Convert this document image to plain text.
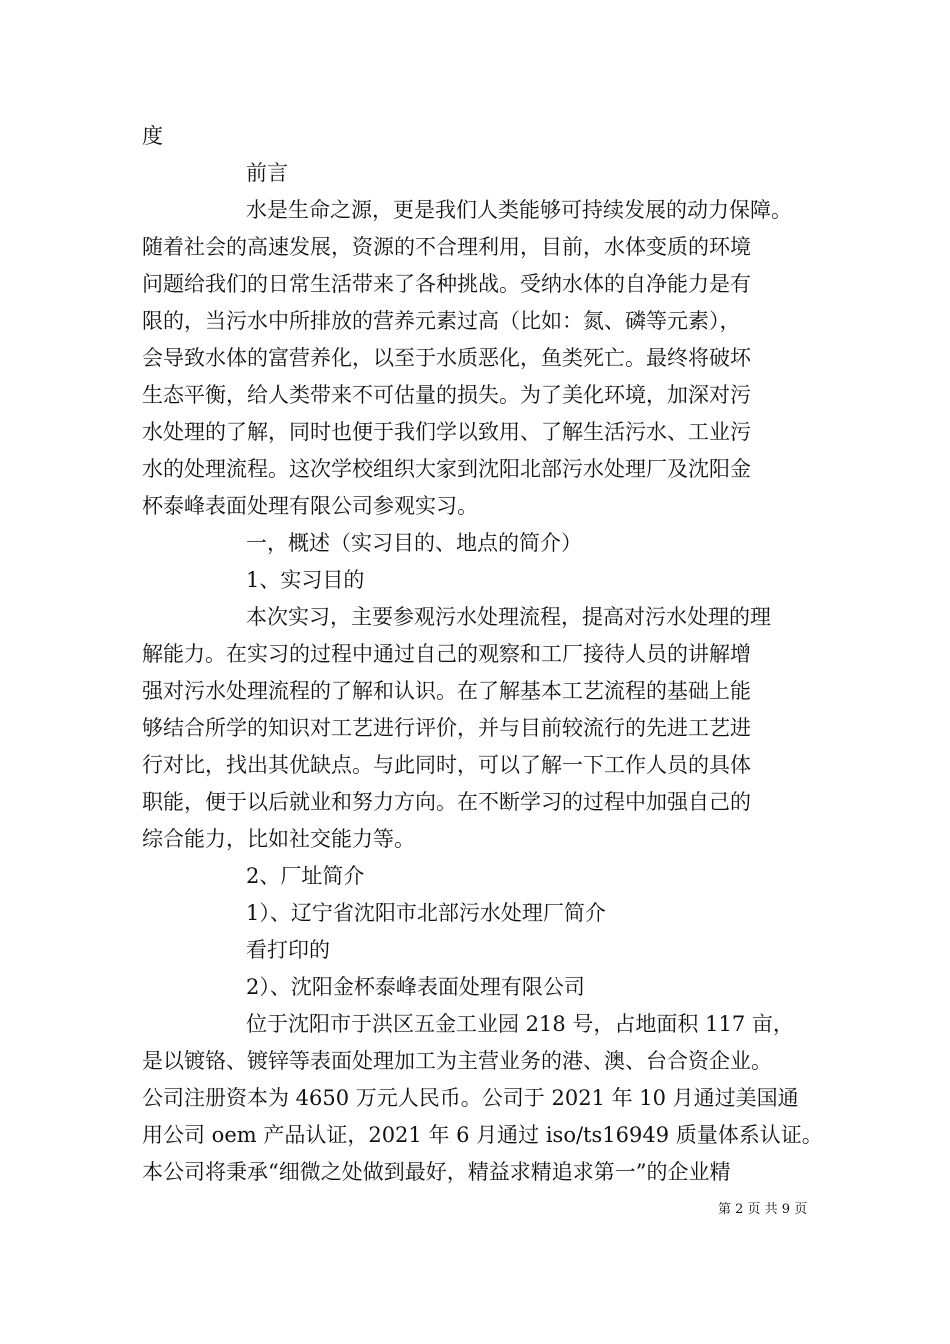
度
前言
水是生命之源，更是我们人类能够可持续发展的动力保障。
随着社会的高速发展，资源的不合理利用，目前，水体变质的环境
问题给我们的日常生活带来了各种挑战。受纳水体的自净能力是有
限的，当污水中所排放的营养元素过高（比如：氮、磷等元素），
会导致水体的富营养化，以至于水质恶化，鱼类死亡。最终将破坏
生态平衡，给人类带来不可估量的损失。为了美化环境，加深对污
水处理的了解，同时也便于我们学以致用、了解生活污水、工业污
水的处理流程。这次学校组织大家到沈阳北部污水处理厂及沈阳金
杯泰峰表面处理有限公司参观实习。
一，概述（实习目的、地点的简介）
1、实习目的
本次实习，主要参观污水处理流程，提高对污水处理的理
解能力。在实习的过程中通过自己的观察和工厂接待人员的讲解增
强对污水处理流程的了解和认识。在了解基本工艺流程的基础上能
够结合所学的知识对工艺进行评价，并与目前较流行的先进工艺进
行对比，找出其优缺点。与此同时，可以了解一下工作人员的具体
职能，便于以后就业和努力方向。在不断学习的过程中加强自己的
综合能力，比如社交能力等。
2、厂址简介
1）、辽宁省沈阳市北部污水处理厂简介
看打印的
2）、沈阳金杯泰峰表面处理有限公司
位于沈阳市于洪区五金工业园 218 号，占地面积 117 亩，
是以镀铬、镀锌等表面处理加工为主营业务的港、澳、台合资企业。
公司注册资本为 4650 万元人民币。公司于 2021 年 10 月通过美国通
用公司 oem 产品认证，2021 年 6 月通过 iso/ts16949 质量体系认证。
本公司将秉承“细微之处做到最好，精益求精追求第一”的企业精
第 2 页 共 9 页
